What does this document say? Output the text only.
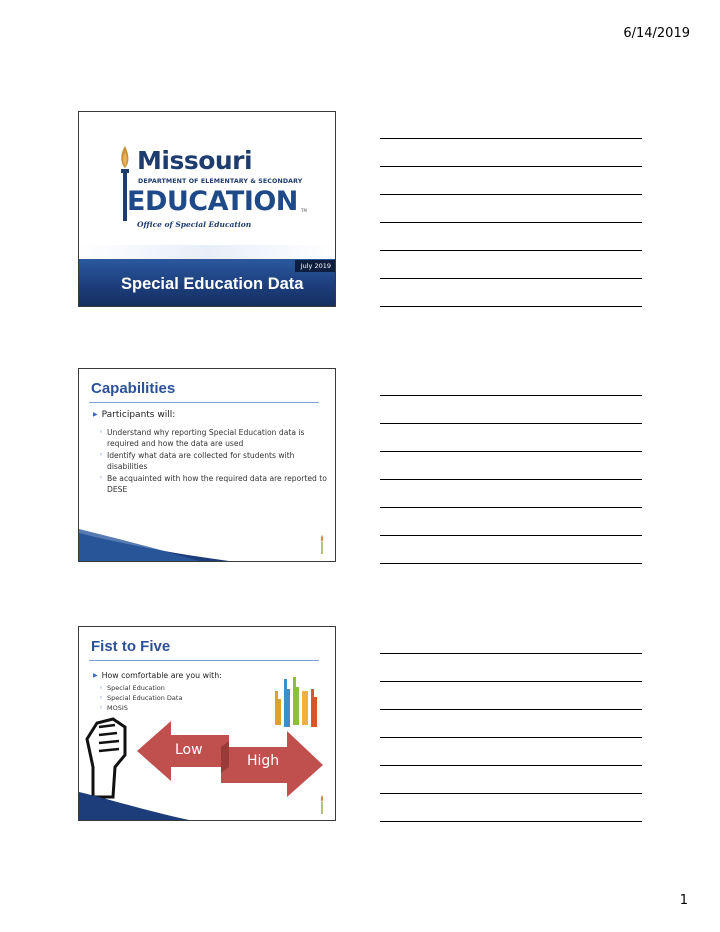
6/14/2019
Missouri
DEPARTMENT OF ELEMENTARY & SECONDARY
EDUCATION TM
Office of Special Education
July 2019
Special Education Data
Capabilities
▶ Participants will:
◦ Understand why reporting Special Education data is required and how the data are used
◦ Identify what data are collected for students with disabilities
◦ Be acquainted with how the required data are reported to DESE
Fist to Five
▶ How comfortable are you with:
◦ Special Education
◦ Special Education Data
◦ MOSIS
Low
High
1
